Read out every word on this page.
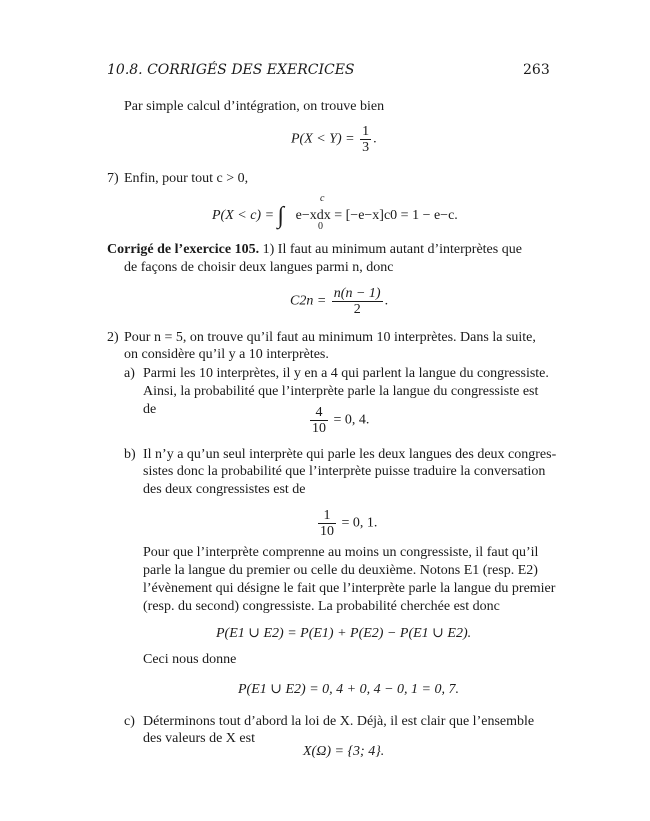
10.8. CORRIGÉS DES EXERCICES	263
Par simple calcul d’intégration, on trouve bien
$P(X < Y) = \frac{1}{3}$ .
7) Enfin, pour tout c > 0,
P(X < c) = ∫
c
0
e−xdx = [−e−x]c0 = 1 − e−c.
Corrigé de l’exercice 105. 1) Il faut au minimum autant d’interprètes que
de façons de choisir deux langues parmi n, donc
$C2n = \frac{n(n - 1)}{2}$ .
2) Pour n = 5, on trouve qu’il faut au minimum 10 interprètes. Dans la suite,
on considère qu’il y a 10 interprètes.
a) Parmi les 10 interprètes, il y en a 4 qui parlent la langue du congressiste.
Ainsi, la probabilité que l’interprète parle la langue du congressiste est
de	$\frac{4}{10} = 0$, 4.
b) Il n’y a qu’un seul interprète qui parle les deux langues des deux congres-
sistes donc la probabilité que l’interprète puisse traduire la conversation
des deux congressistes est de
$\frac{1}{10} = 0$, 1.
Pour que l’interprète comprenne au moins un congressiste, il faut qu’il
parle la langue du premier ou celle du deuxième. Notons E1 (resp. E2)
l’évènement qui désigne le fait que l’interprète parle la langue du premier
(resp. du second) congressiste. La probabilité cherchée est donc
P(E1 ∪ E2) = P(E1) + P(E2) − P(E1 ∪ E2).
Ceci nous donne
P(E1 ∪ E2) = 0, 4 + 0, 4 − 0, 1 = 0, 7.
c) Déterminons tout d’abord la loi de X. Déjà, il est clair que l’ensemble
des valeurs de X est
X(Ω) = {3; 4}.
